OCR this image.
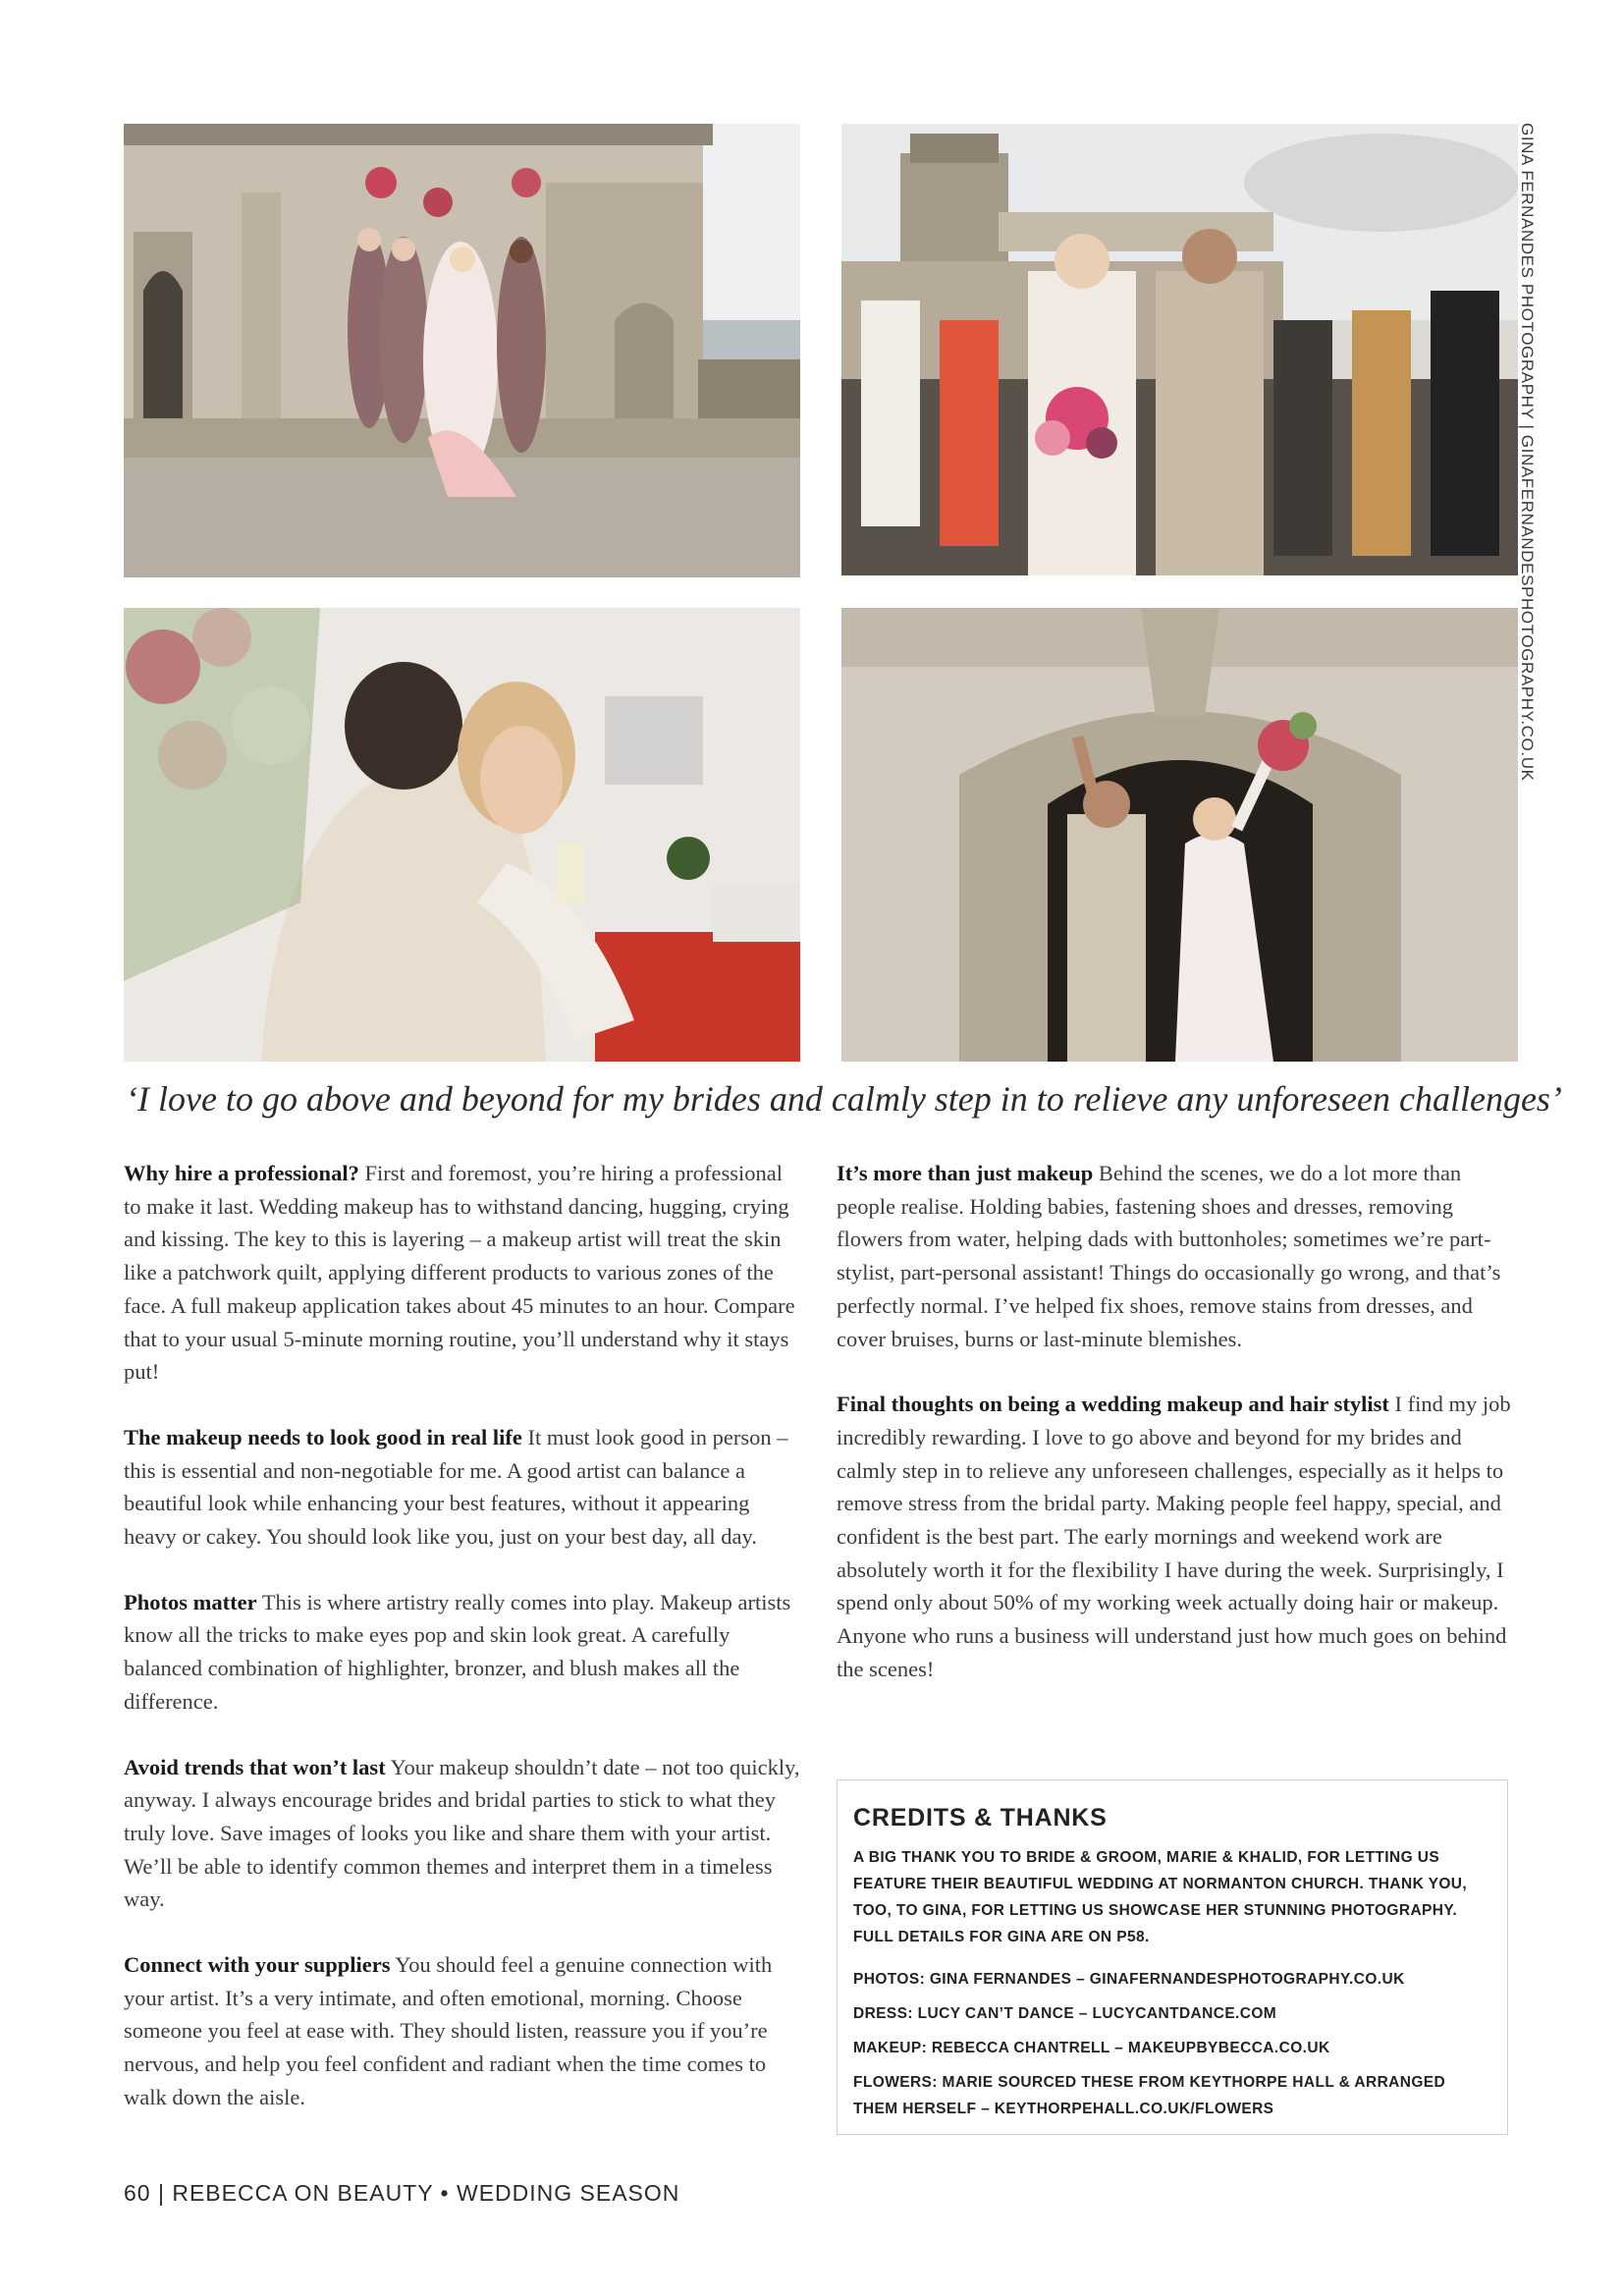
GINA FERNANDES PHOTOGRAPHY | GINAFERNANDESPHOTOGRAPHY.CO.UK
‘I love to go above and beyond for my brides and calmly step in to relieve any unforeseen challenges’

Why hire a professional? First and foremost, you’re hiring a professional to make it last. Wedding makeup has to withstand dancing, hugging, crying and kissing. The key to this is layering – a makeup artist will treat the skin like a patchwork quilt, applying different products to various zones of the face. A full makeup application takes about 45 minutes to an hour. Compare that to your usual 5-minute morning routine, you’ll understand why it stays put!

The makeup needs to look good in real life It must look good in person – this is essential and non-negotiable for me. A good artist can balance a beautiful look while enhancing your best features, without it appearing heavy or cakey. You should look like you, just on your best day, all day.

Photos matter This is where artistry really comes into play. Makeup artists know all the tricks to make eyes pop and skin look great. A carefully balanced combination of highlighter, bronzer, and blush makes all the difference.

Avoid trends that won’t last Your makeup shouldn’t date – not too quickly, anyway. I always encourage brides and bridal parties to stick to what they truly love. Save images of looks you like and share them with your artist. We’ll be able to identify common themes and interpret them in a timeless way.

Connect with your suppliers You should feel a genuine connection with your artist. It’s a very intimate, and often emotional, morning. Choose someone you feel at ease with. They should listen, reassure you if you’re nervous, and help you feel confident and radiant when the time comes to walk down the aisle.

It’s more than just makeup Behind the scenes, we do a lot more than people realise. Holding babies, fastening shoes and dresses, removing flowers from water, helping dads with buttonholes; sometimes we’re part-stylist, part-personal assistant! Things do occasionally go wrong, and that’s perfectly normal. I’ve helped fix shoes, remove stains from dresses, and cover bruises, burns or last-minute blemishes.

Final thoughts on being a wedding makeup and hair stylist I find my job incredibly rewarding. I love to go above and beyond for my brides and calmly step in to relieve any unforeseen challenges, especially as it helps to remove stress from the bridal party. Making people feel happy, special, and confident is the best part. The early mornings and weekend work are absolutely worth it for the flexibility I have during the week. Surprisingly, I spend only about 50% of my working week actually doing hair or makeup. Anyone who runs a business will understand just how much goes on behind the scenes!

CREDITS & THANKS

A BIG THANK YOU TO BRIDE & GROOM, MARIE & KHALID, FOR LETTING US FEATURE THEIR BEAUTIFUL WEDDING AT NORMANTON CHURCH. THANK YOU, TOO, TO GINA, FOR LETTING US SHOWCASE HER STUNNING PHOTOGRAPHY. FULL DETAILS FOR GINA ARE ON P58.

PHOTOS: GINA FERNANDES – GINAFERNANDESPHOTOGRAPHY.CO.UK

DRESS: LUCY CAN’T DANCE – LUCYCANTDANCE.COM

MAKEUP: REBECCA CHANTRELL – MAKEUPBYBECCA.CO.UK

FLOWERS: MARIE SOURCED THESE FROM KEYTHORPE HALL & ARRANGED THEM HERSELF – KEYTHORPEHALL.CO.UK/FLOWERS

60 | REBECCA ON BEAUTY • WEDDING SEASON
